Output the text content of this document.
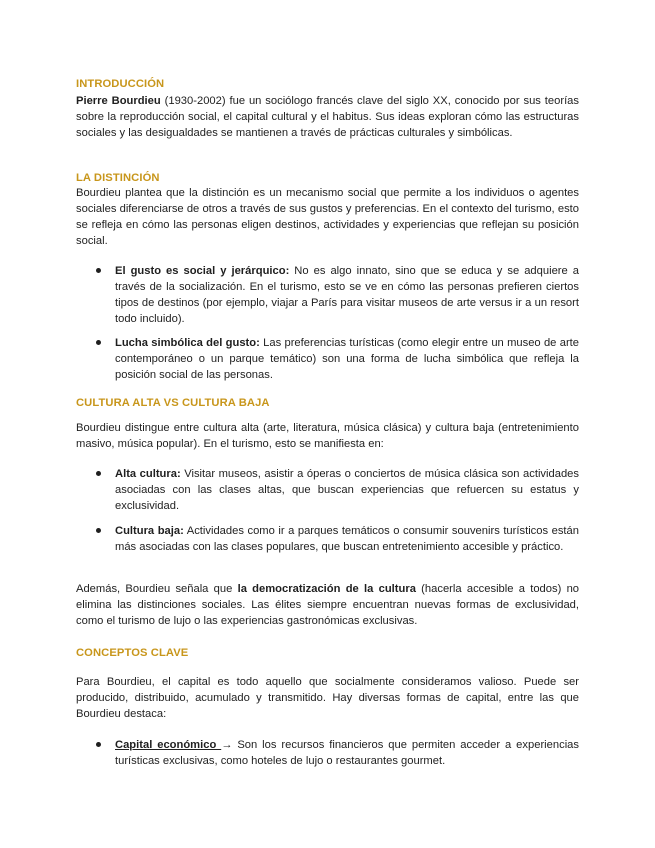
INTRODUCCIÓN
Pierre Bourdieu (1930-2002) fue un sociólogo francés clave del siglo XX, conocido por sus teorías sobre la reproducción social, el capital cultural y el habitus. Sus ideas exploran cómo las estructuras sociales y las desigualdades se mantienen a través de prácticas culturales y simbólicas.
LA DISTINCIÓN
Bourdieu plantea que la distinción es un mecanismo social que permite a los individuos o agentes sociales diferenciarse de otros a través de sus gustos y preferencias. En el contexto del turismo, esto se refleja en cómo las personas eligen destinos, actividades y experiencias que reflejan su posición social.
El gusto es social y jerárquico: No es algo innato, sino que se educa y se adquiere a través de la socialización. En el turismo, esto se ve en cómo las personas prefieren ciertos tipos de destinos (por ejemplo, viajar a París para visitar museos de arte versus ir a un resort todo incluido).
Lucha simbólica del gusto: Las preferencias turísticas (como elegir entre un museo de arte contemporáneo o un parque temático) son una forma de lucha simbólica que refleja la posición social de las personas.
CULTURA ALTA VS CULTURA BAJA
Bourdieu distingue entre cultura alta (arte, literatura, música clásica) y cultura baja (entretenimiento masivo, música popular). En el turismo, esto se manifiesta en:
Alta cultura: Visitar museos, asistir a óperas o conciertos de música clásica son actividades asociadas con las clases altas, que buscan experiencias que refuercen su estatus y exclusividad.
Cultura baja: Actividades como ir a parques temáticos o consumir souvenirs turísticos están más asociadas con las clases populares, que buscan entretenimiento accesible y práctico.
Además, Bourdieu señala que la democratización de la cultura (hacerla accesible a todos) no elimina las distinciones sociales. Las élites siempre encuentran nuevas formas de exclusividad, como el turismo de lujo o las experiencias gastronómicas exclusivas.
CONCEPTOS CLAVE
Para Bourdieu, el capital es todo aquello que socialmente consideramos valioso. Puede ser producido, distribuido, acumulado y transmitido. Hay diversas formas de capital, entre las que Bourdieu destaca:
Capital económico → Son los recursos financieros que permiten acceder a experiencias turísticas exclusivas, como hoteles de lujo o restaurantes gourmet.
